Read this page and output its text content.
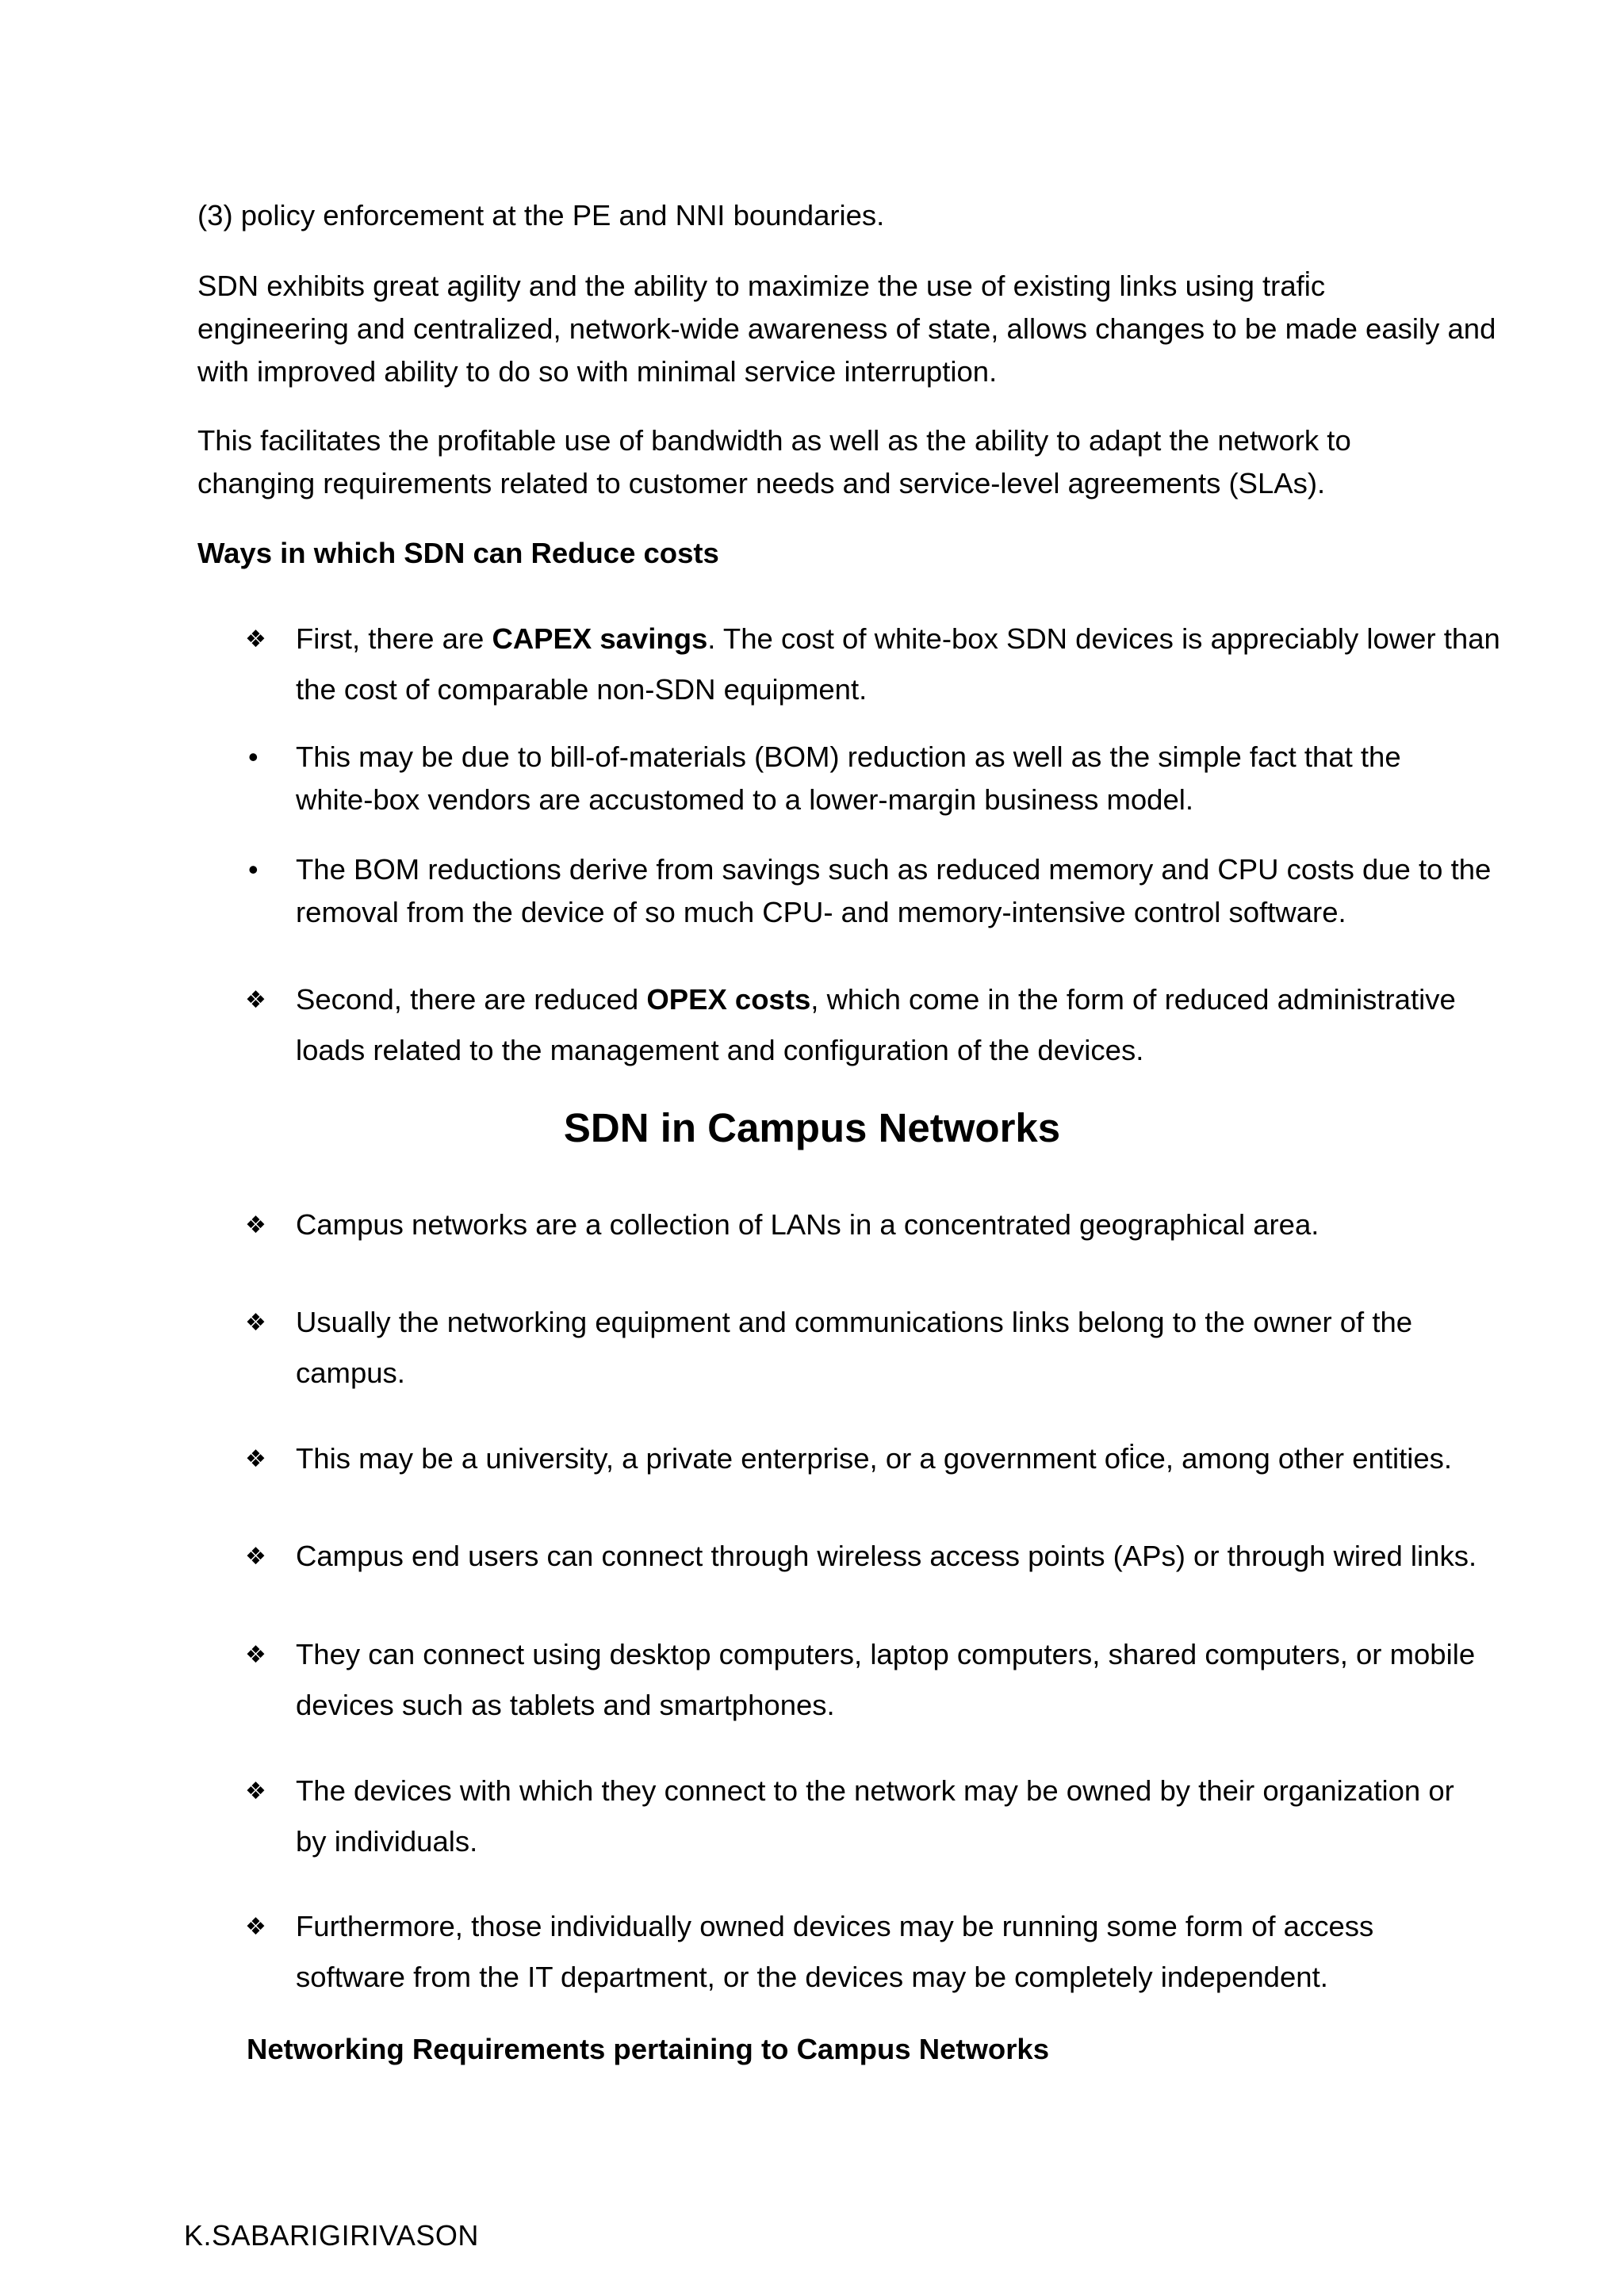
(3) policy enforcement at the PE and NNI boundaries.
SDN exhibits great agility and the ability to maximize the use of existing links using trafi̇c
engineering and centralized, network-wide awareness of state, allows changes to be made easily and
with improved ability to do so with minimal service interruption.
This facilitates the profitable use of bandwidth as well as the ability to adapt the network to
changing requirements related to customer needs and service-level agreements (SLAs).
Ways in which SDN can Reduce costs
❖	First, there are CAPEX savings. The cost of white-box SDN devices is appreciably lower than
the cost of comparable non-SDN equipment.
•	This may be due to bill-of-materials (BOM) reduction as well as the simple fact that the
white-box vendors are accustomed to a lower-margin business model.
•	The BOM reductions derive from savings such as reduced memory and CPU costs due to the
removal from the device of so much CPU- and memory-intensive control software.
❖	Second, there are reduced OPEX costs, which come in the form of reduced administrative
loads related to the management and configuration of the devices.
SDN in Campus Networks
❖	Campus networks are a collection of LANs in a concentrated geographical area.
❖	Usually the networking equipment and communications links belong to the owner of the
campus.
❖	This may be a university, a private enterprise, or a government ofi̇ce, among other entities.
❖	Campus end users can connect through wireless access points (APs) or through wired links.
❖	They can connect using desktop computers, laptop computers, shared computers, or mobile
devices such as tablets and smartphones.
❖	The devices with which they connect to the network may be owned by their organization or
by individuals.
❖	Furthermore, those individually owned devices may be running some form of access
software from the IT department, or the devices may be completely independent.
Networking Requirements pertaining to Campus Networks
K.SABARIGIRIVASON
